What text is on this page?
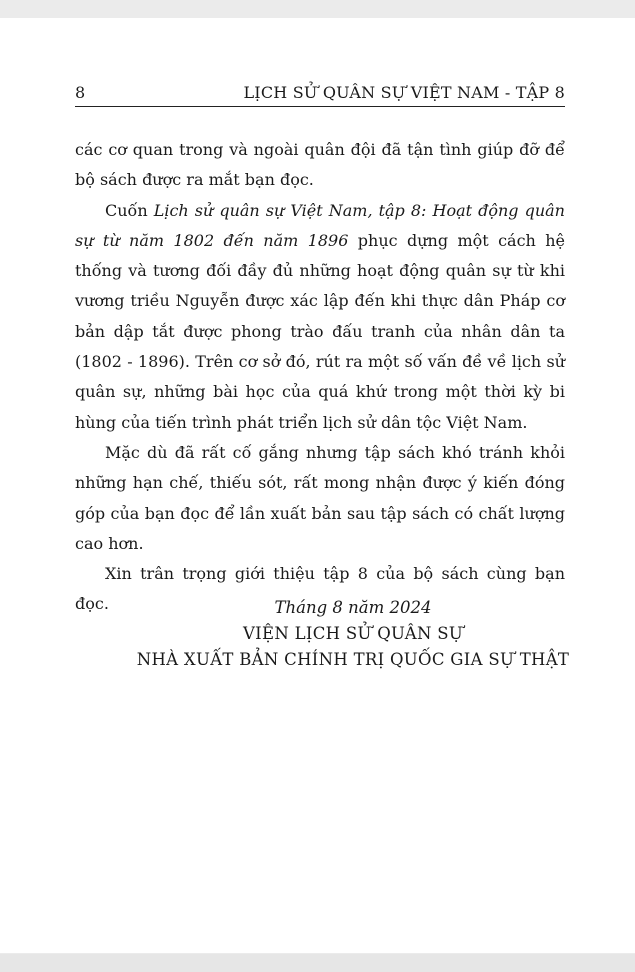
8	LỊCH SỬ QUÂN SỰ VIỆT NAM - TẬP 8

các cơ quan trong và ngoài quân đội đã tận tình giúp đỡ để bộ sách được ra mắt bạn đọc.

Cuốn Lịch sử quân sự Việt Nam, tập 8: Hoạt động quân sự từ năm 1802 đến năm 1896 phục dựng một cách hệ thống và tương đối đầy đủ những hoạt động quân sự từ khi vương triều Nguyễn được xác lập đến khi thực dân Pháp cơ bản dập tắt được phong trào đấu tranh của nhân dân ta (1802 - 1896). Trên cơ sở đó, rút ra một số vấn đề về lịch sử quân sự, những bài học của quá khứ trong một thời kỳ bi hùng của tiến trình phát triển lịch sử dân tộc Việt Nam.

Mặc dù đã rất cố gắng nhưng tập sách khó tránh khỏi những hạn chế, thiếu sót, rất mong nhận được ý kiến đóng góp của bạn đọc để lần xuất bản sau tập sách có chất lượng cao hơn.

Xin trân trọng giới thiệu tập 8 của bộ sách cùng bạn đọc.	Tháng 8 năm 2024
VIỆN LỊCH SỬ QUÂN SỰ
NHÀ XUẤT BẢN CHÍNH TRỊ QUỐC GIA SỰ THẬT
